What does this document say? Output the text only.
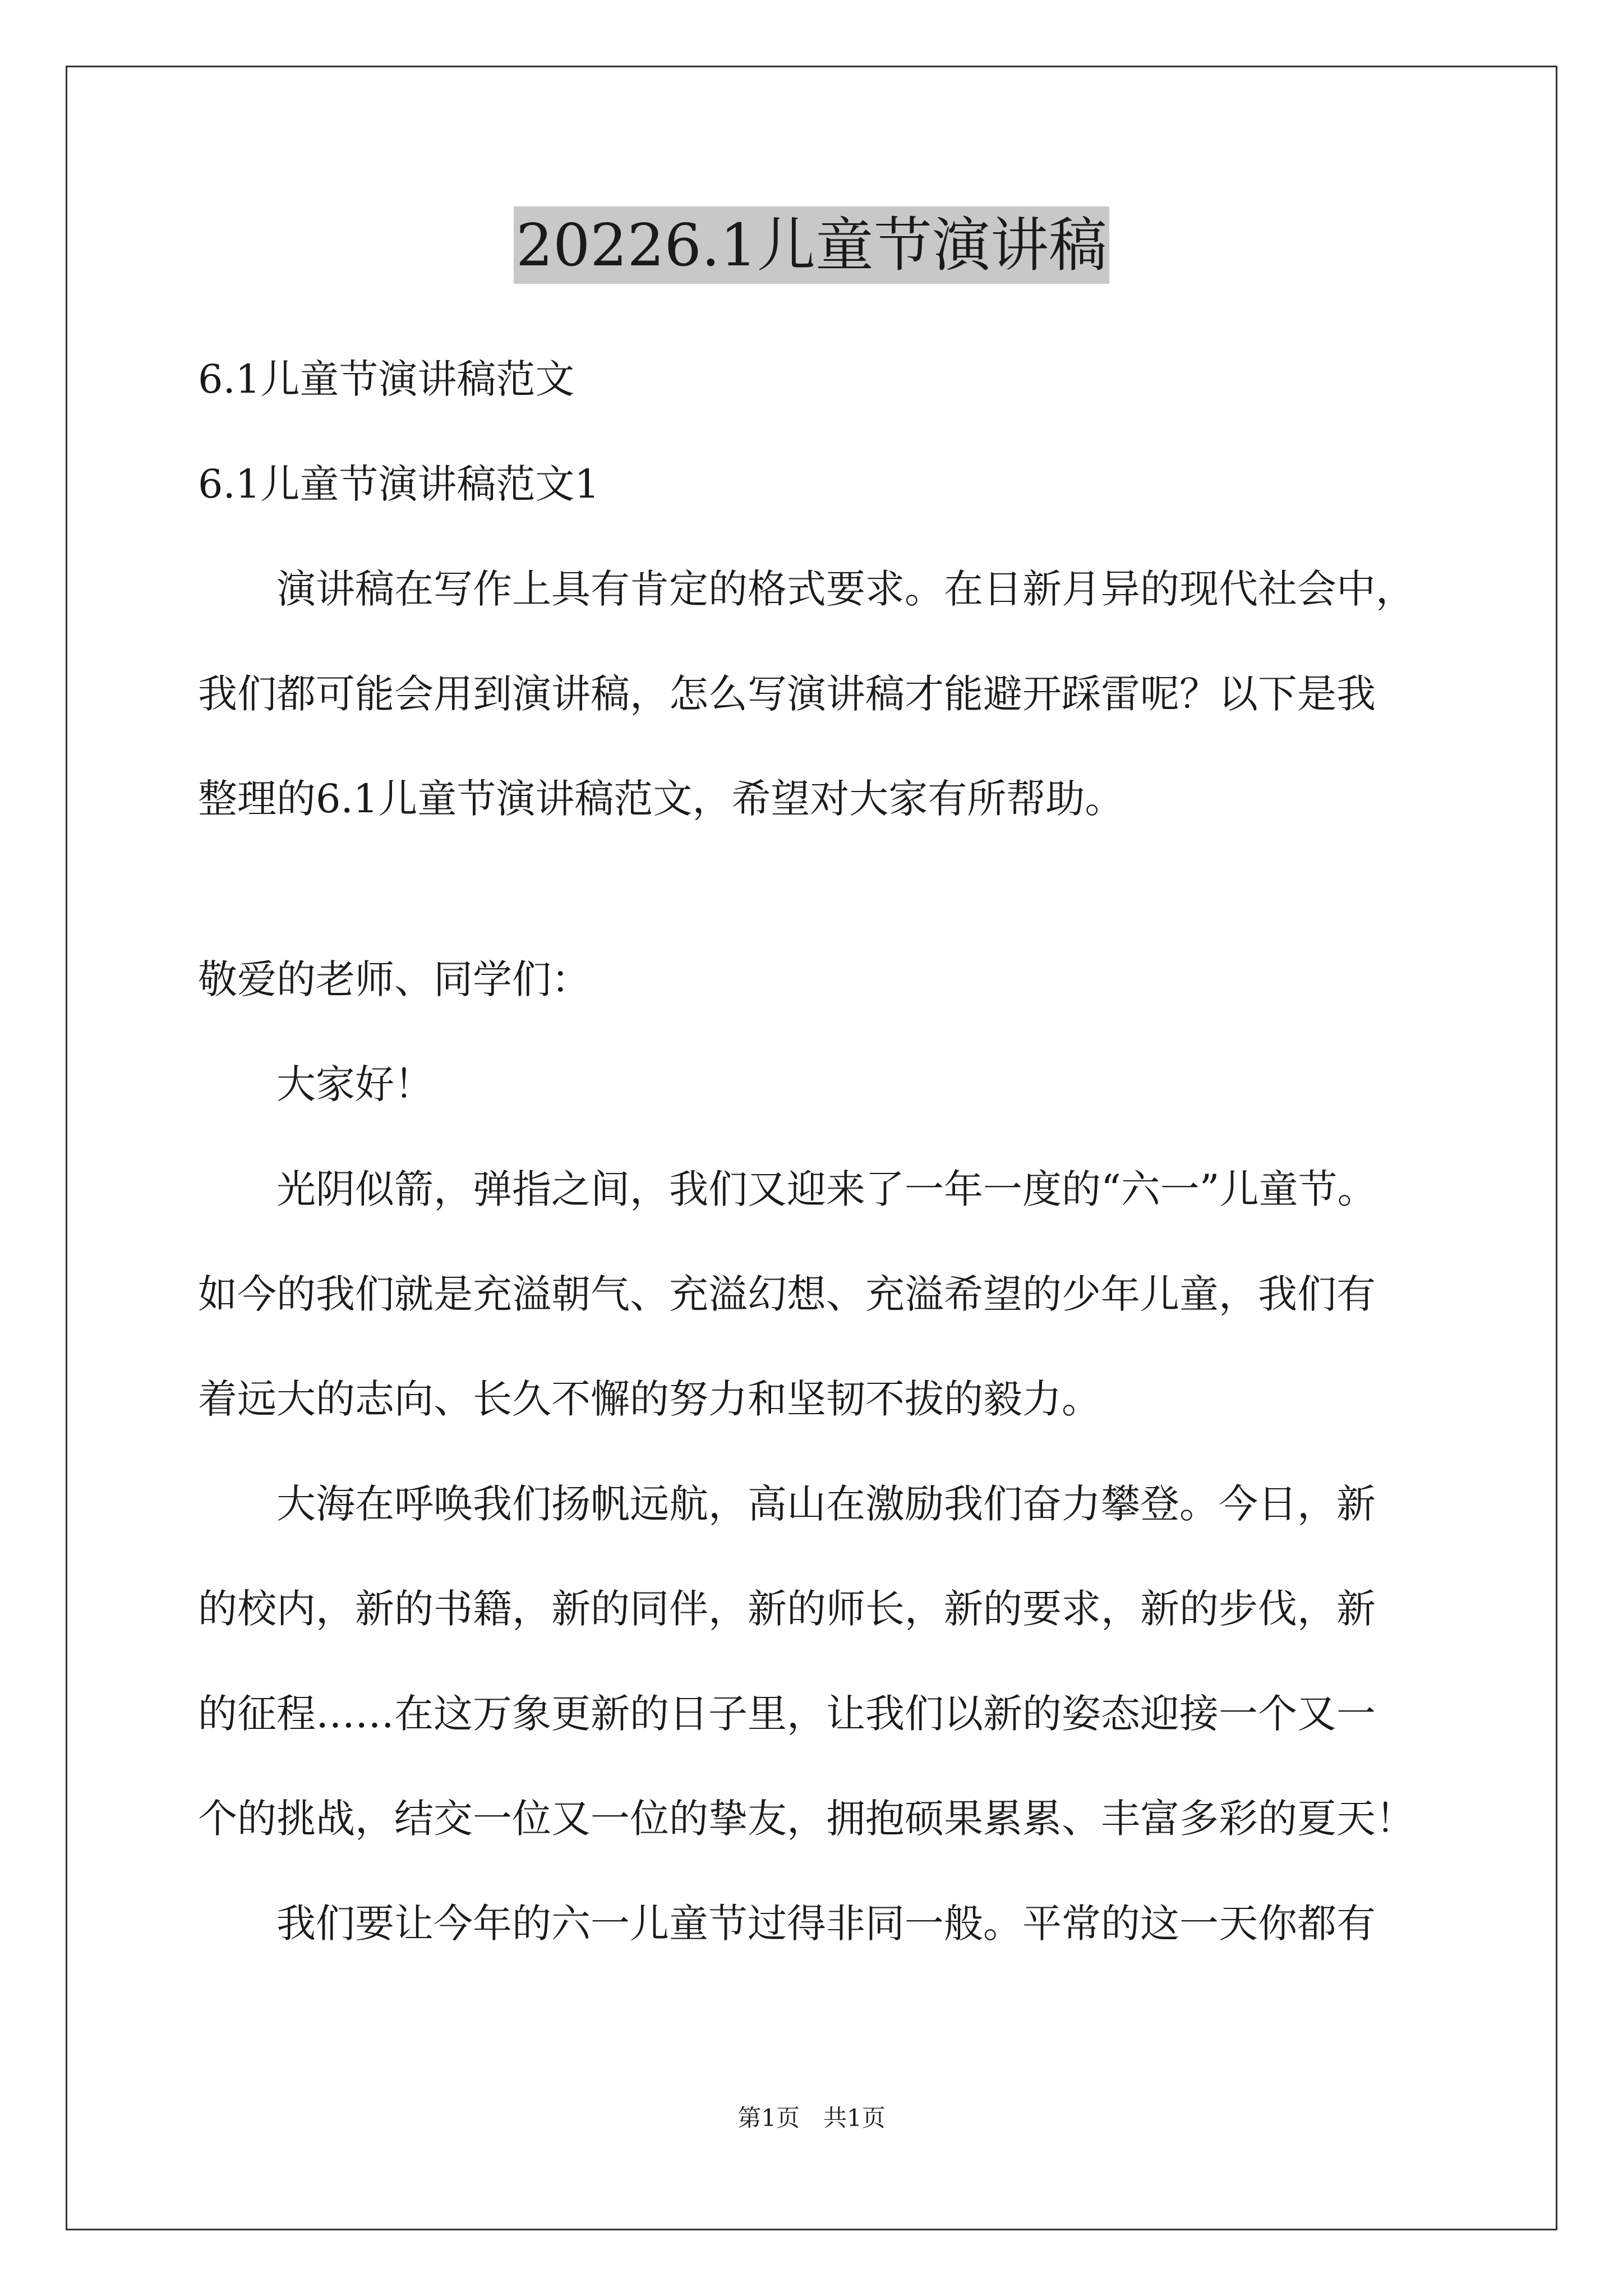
20226.1儿童节演讲稿
6.1儿童节演讲稿范文
6.1儿童节演讲稿范文1
　　演讲稿在写作上具有肯定的格式要求。在日新月异的现代社会中，
我们都可能会用到演讲稿，怎么写演讲稿才能避开踩雷呢？以下是我
整理的6.1儿童节演讲稿范文，希望对大家有所帮助。
敬爱的老师、同学们：
　　大家好！
　　光阴似箭，弹指之间，我们又迎来了一年一度的“六一”儿童节。
如今的我们就是充溢朝气、充溢幻想、充溢希望的少年儿童，我们有
着远大的志向、长久不懈的努力和坚韧不拔的毅力。
　　大海在呼唤我们扬帆远航，高山在激励我们奋力攀登。今日，新
的校内，新的书籍，新的同伴，新的师长，新的要求，新的步伐，新
的征程……在这万象更新的日子里，让我们以新的姿态迎接一个又一
个的挑战，结交一位又一位的挚友，拥抱硕果累累、丰富多彩的夏天！
　　我们要让今年的六一儿童节过得非同一般。平常的这一天你都有
第1页　共1页
